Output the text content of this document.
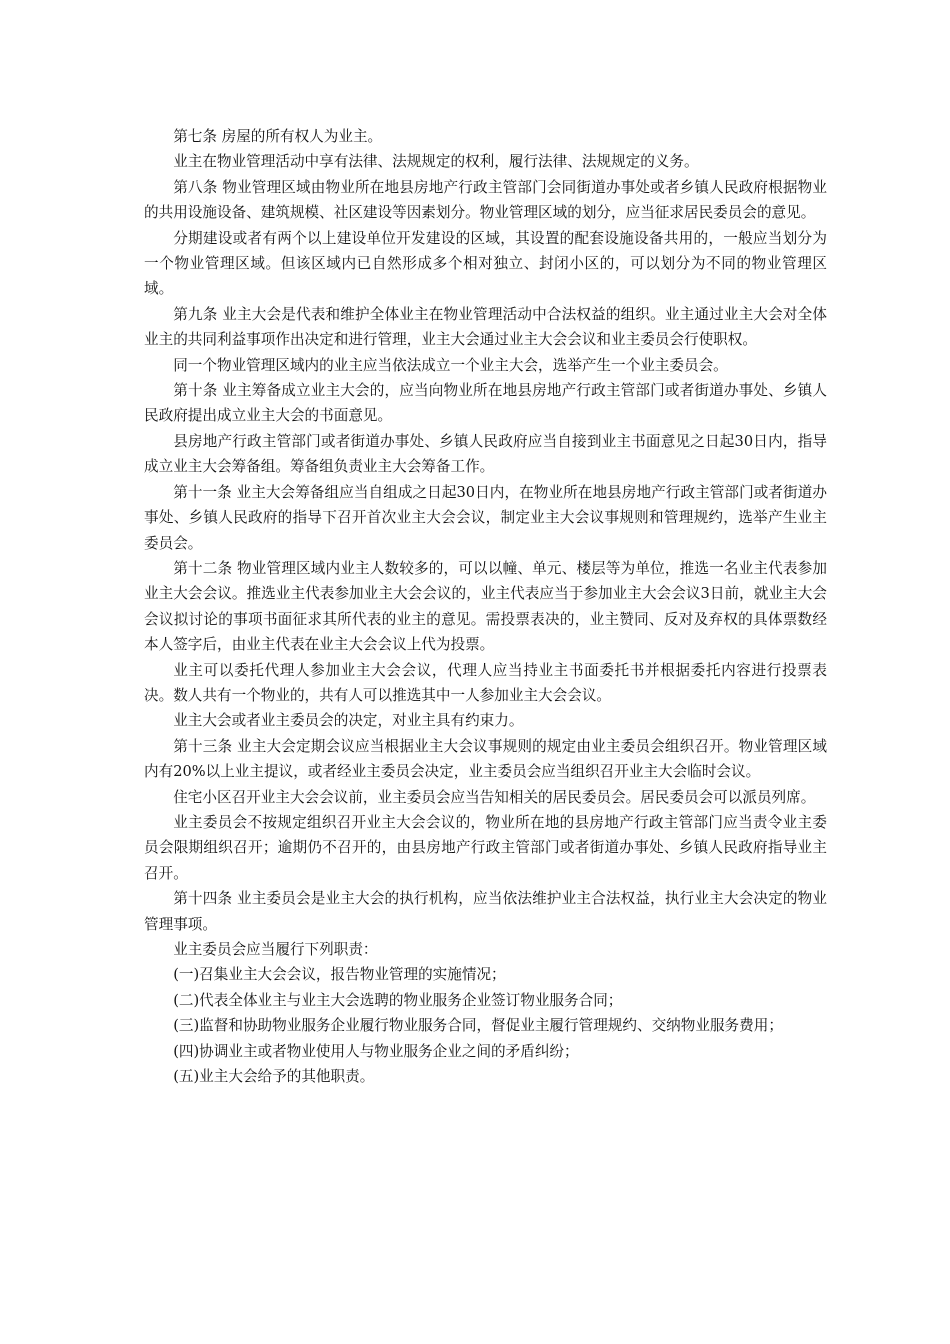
第七条 房屋的所有权人为业主。

业主在物业管理活动中享有法律、法规规定的权利，履行法律、法规规定的义务。

第八条 物业管理区域由物业所在地县房地产行政主管部门会同街道办事处或者乡镇人民政府根据物业的共用设施设备、建筑规模、社区建设等因素划分。物业管理区域的划分，应当征求居民委员会的意见。

分期建设或者有两个以上建设单位开发建设的区域，其设置的配套设施设备共用的，一般应当划分为一个物业管理区域。但该区域内已自然形成多个相对独立、封闭小区的，可以划分为不同的物业管理区域。

第九条 业主大会是代表和维护全体业主在物业管理活动中合法权益的组织。业主通过业主大会对全体业主的共同利益事项作出决定和进行管理，业主大会通过业主大会会议和业主委员会行使职权。

同一个物业管理区域内的业主应当依法成立一个业主大会，选举产生一个业主委员会。

第十条 业主筹备成立业主大会的，应当向物业所在地县房地产行政主管部门或者街道办事处、乡镇人民政府提出成立业主大会的书面意见。

县房地产行政主管部门或者街道办事处、乡镇人民政府应当自接到业主书面意见之日起30日内，指导成立业主大会筹备组。筹备组负责业主大会筹备工作。

第十一条 业主大会筹备组应当自组成之日起30日内，在物业所在地县房地产行政主管部门或者街道办事处、乡镇人民政府的指导下召开首次业主大会会议，制定业主大会议事规则和管理规约，选举产生业主委员会。

第十二条 物业管理区域内业主人数较多的，可以以幢、单元、楼层等为单位，推选一名业主代表参加业主大会会议。推选业主代表参加业主大会会议的，业主代表应当于参加业主大会会议3日前，就业主大会会议拟讨论的事项书面征求其所代表的业主的意见。需投票表决的，业主赞同、反对及弃权的具体票数经本人签字后，由业主代表在业主大会会议上代为投票。

业主可以委托代理人参加业主大会会议，代理人应当持业主书面委托书并根据委托内容进行投票表决。数人共有一个物业的，共有人可以推选其中一人参加业主大会会议。

业主大会或者业主委员会的决定，对业主具有约束力。

第十三条 业主大会定期会议应当根据业主大会议事规则的规定由业主委员会组织召开。物业管理区域内有20%以上业主提议，或者经业主委员会决定，业主委员会应当组织召开业主大会临时会议。

住宅小区召开业主大会会议前，业主委员会应当告知相关的居民委员会。居民委员会可以派员列席。

业主委员会不按规定组织召开业主大会会议的，物业所在地的县房地产行政主管部门应当责令业主委员会限期组织召开；逾期仍不召开的，由县房地产行政主管部门或者街道办事处、乡镇人民政府指导业主召开。

第十四条 业主委员会是业主大会的执行机构，应当依法维护业主合法权益，执行业主大会决定的物业管理事项。

业主委员会应当履行下列职责：

(一)召集业主大会会议，报告物业管理的实施情况；

(二)代表全体业主与业主大会选聘的物业服务企业签订物业服务合同；

(三)监督和协助物业服务企业履行物业服务合同，督促业主履行管理规约、交纳物业服务费用；

(四)协调业主或者物业使用人与物业服务企业之间的矛盾纠纷；

(五)业主大会给予的其他职责。
